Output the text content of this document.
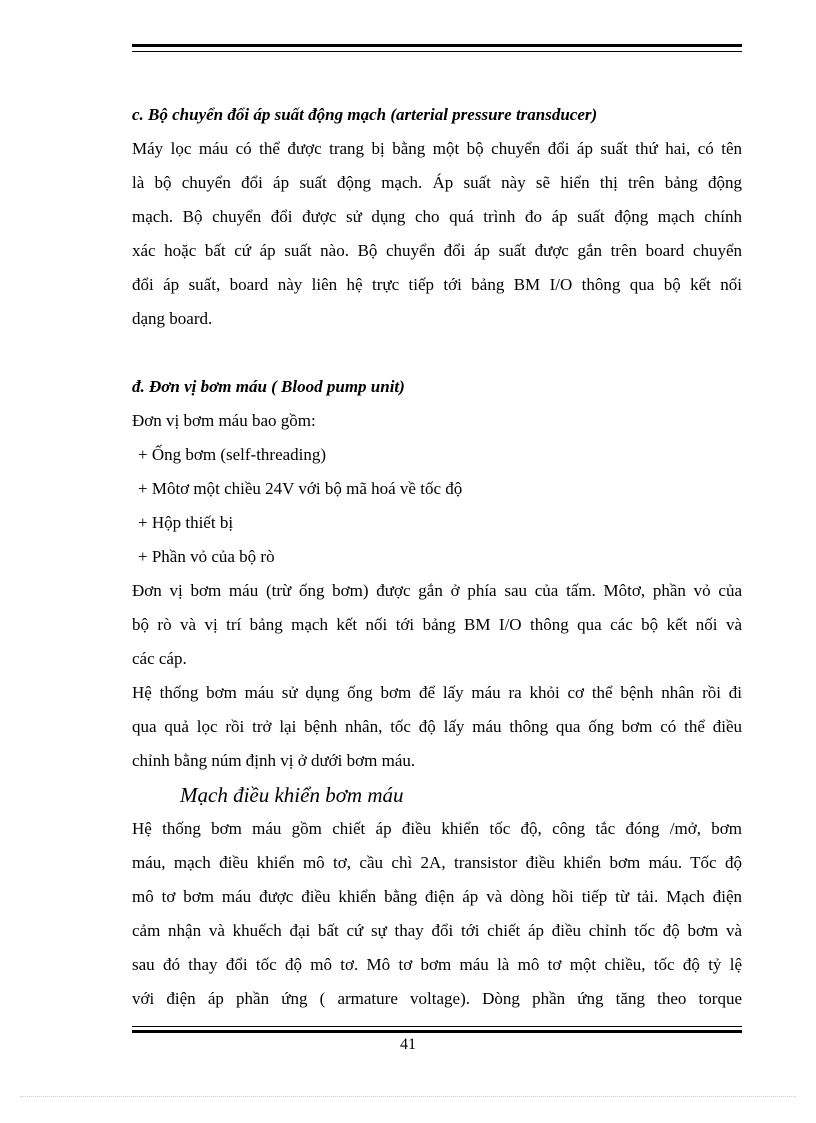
c. Bộ chuyển đổi áp suất động mạch (arterial pressure transducer)
Máy lọc máu có thể được trang bị bằng một bộ chuyển đổi áp suất thứ hai, có tên
là bộ chuyển đổi áp suất động mạch. Áp suất này sẽ hiển thị trên bảng động
mạch. Bộ chuyển đổi được sử dụng cho quá trình đo áp suất động mạch chính
xác hoặc bất cứ áp suất nào. Bộ chuyển đổi áp suất được gắn trên board chuyển
đổi áp suất, board này liên hệ trực tiếp tới bảng BM I/O thông qua bộ kết nối
dạng board.
đ. Đơn vị bơm máu ( Blood pump unit)
Đơn vị bơm máu bao gồm:
+ Ống bơm (self-threading)
+ Môtơ một chiều 24V với bộ mã hoá về tốc độ
+ Hộp thiết bị
+ Phần vỏ của bộ rò
Đơn vị bơm máu (trừ ống bơm) được gắn ở phía sau của tấm. Môtơ, phần vỏ của
bộ rò và vị trí bảng mạch kết nối tới bảng BM I/O thông qua các bộ kết nối và
các cáp.
Hệ thống bơm máu sử dụng ống bơm để lấy máu ra khỏi cơ thể bệnh nhân rồi đi
qua quả lọc rồi trở lại bệnh nhân, tốc độ lấy máu thông qua ống bơm có thể điều
chỉnh bằng núm định vị ở dưới bơm máu.
Mạch điều khiển bơm máu
Hệ thống bơm máu gồm chiết áp điều khiển tốc độ, công tắc đóng /mở, bơm
máu, mạch điều khiển mô tơ, cầu chì 2A, transistor điều khiển bơm máu. Tốc độ
mô tơ bơm máu được điều khiển bằng điện áp và dòng hồi tiếp từ tải. Mạch điện
cảm nhận và khuếch đại bất cứ sự thay đổi tới chiết áp điều chỉnh tốc độ bơm và
sau đó thay đổi tốc độ mô tơ. Mô tơ bơm máu là mô tơ một chiều, tốc độ tỷ lệ
với điện áp phần ứng ( armature voltage). Dòng phần ứng tăng theo torque
41
